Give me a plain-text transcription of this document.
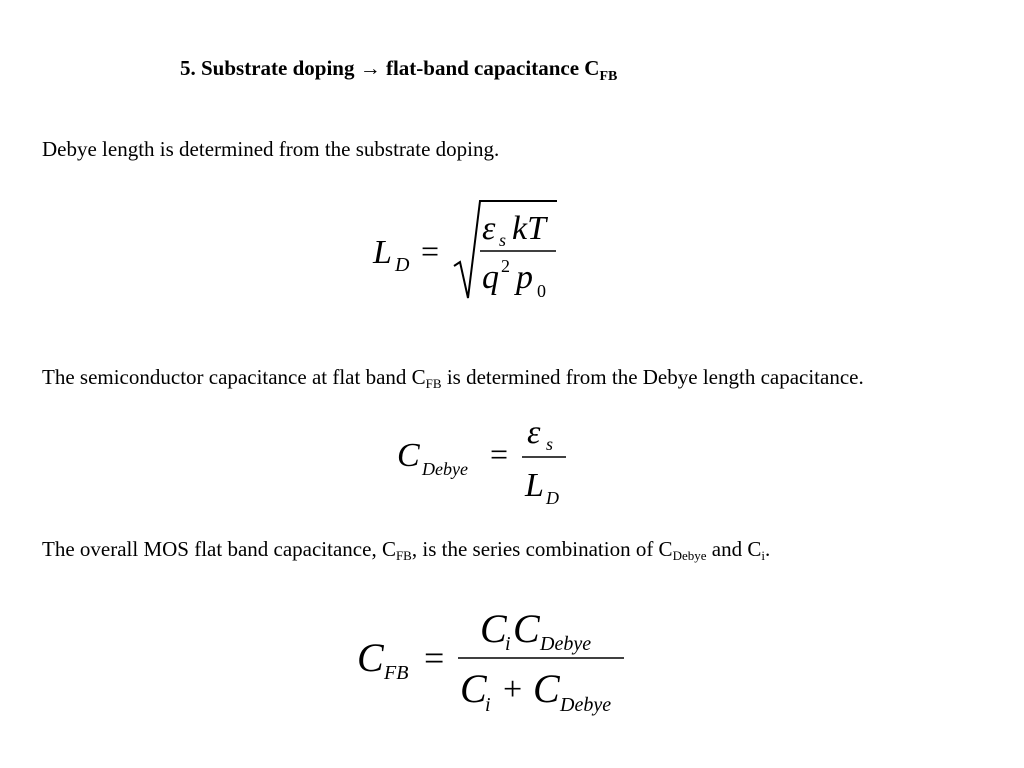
5. Substrate doping → flat-band capacitance $C_{FB}$
Debye length is determined from the substrate doping.
The semiconductor capacitance at flat band $C_{FB}$ is determined from the Debye length capacitance.
The overall MOS flat band capacitance, $C_{FB}$, is the series combination of $C_{Debye}$ and $C_i$.
L D =
ε s kT
q 2 p 0
C Debye =
ε s
L D
C FB =
C
i C Debye
C
i + C Debye
